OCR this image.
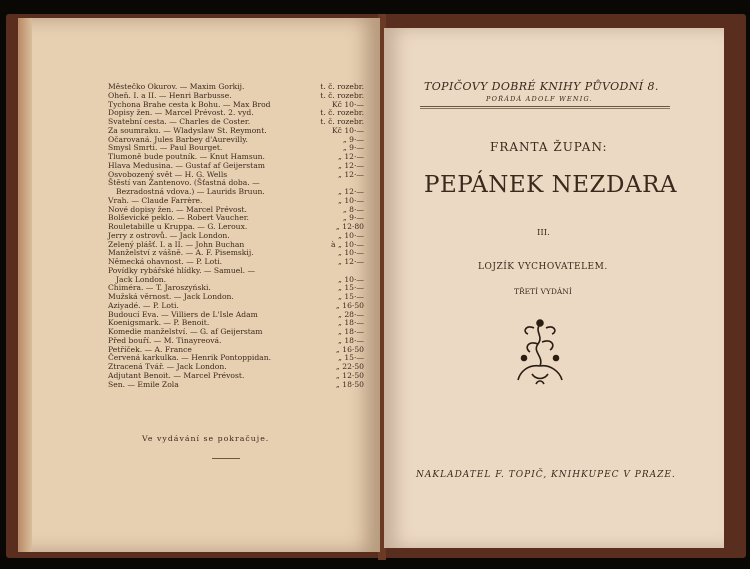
Městečko Okurov. — Maxim Gorkij.	t. č. rozebr.
Oheň. I. a II. — Henri Barbusse.	t. č. rozebr.
Tychona Brahe cesta k Bohu. — Max Brod	Kč 10·—
Dopisy žen. — Marcel Prévost. 2. vyd.	t. č. rozebr.
Svatební cesta. — Charles de Coster.	t. č. rozebr.
Za soumraku. — Wladyslaw St. Reymont.	Kč 10·—
Očarovaná. Jules Barbey d'Aurevilly.	„ 9·—
Smysl Smrti. — Paul Bourget.	„ 9·—
Tlumoně bude poutník. — Knut Hamsun.	„ 12·—
Hlava Medusina. — Gustaf af Geijerstam	„ 12·—
Osvobozený svět — H. G. Wells	„ 12·—
Štěstí van Zantenovo. (Šťastná doba. —
Bezradostná vdova.) — Laurids Bruun.	„ 12·—
Vrah. — Claude Farrère.	„ 10·—
Nové dopisy žen. — Marcel Prévost.	„ 8·—
Bolševické peklo. — Robert Vaucher.	„ 9·—
Rouletabille u Kruppa. — G. Leroux.	„ 12·80
Jerry z ostrovů. — Jack London.	„ 10·—
Zelený plášť. I. a II. — John Buchan	à „ 10·—
Manželství z vášně. — A. F. Pisemskij.	„ 10·—
Německá ohavnost. — P. Loti.	„ 12·—
Povídky rybářské hlídky. — Samuel. —
Jack London.	„ 10·—
Chiméra. — T. Jaroszyński.	„ 15·—
Mužská věrnost. — Jack London.	„ 15·—
Aziyadé. — P. Loti.	„ 16·50
Budoucí Eva. — Villiers de L'Isle Adam	„ 28·—
Koenigsmark. — P. Benoit.	„ 18·—
Komedie manželství. — G. af Geijerstam	„ 18·—
Před bouří. — M. Tinayreová.	„ 18·—
Petříček. — A. France	„ 16·50
Červená karkulka. — Henrik Pontoppidan.	„ 15·—
Ztracená Tvář. — Jack London.	„ 22·50
Adjutant Benoit. — Marcel Prévost.	„ 12·50
Sen. — Emile Zola	„ 18·50
Ve vydávání se pokračuje.
TOPIČOVY DOBRÉ KNIHY PŮVODNÍ 8.
POŘÁDÁ ADOLF WENIG.
FRANTA ŽUPAN:
PEPÁNEK NEZDARA
III.
LOJZÍK VYCHOVATELEM.
TŘETÍ VYDÁNÍ
NAKLADATEL F. TOPIČ, KNIHKUPEC V PRAZE.
